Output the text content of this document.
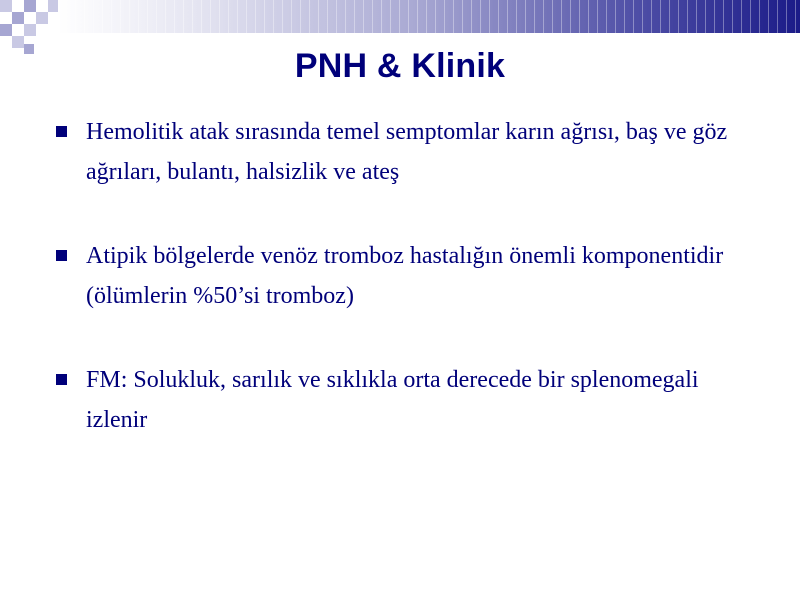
PNH & Klinik
Hemolitik atak sırasında temel semptomlar karın ağrısı, baş ve göz ağrıları, bulantı, halsizlik ve ateş
Atipik bölgelerde venöz tromboz hastalığın önemli komponentidir (ölümlerin %50’si tromboz)
FM: Solukluk, sarılık ve sıklıkla orta derecede bir splenomegali izlenir
